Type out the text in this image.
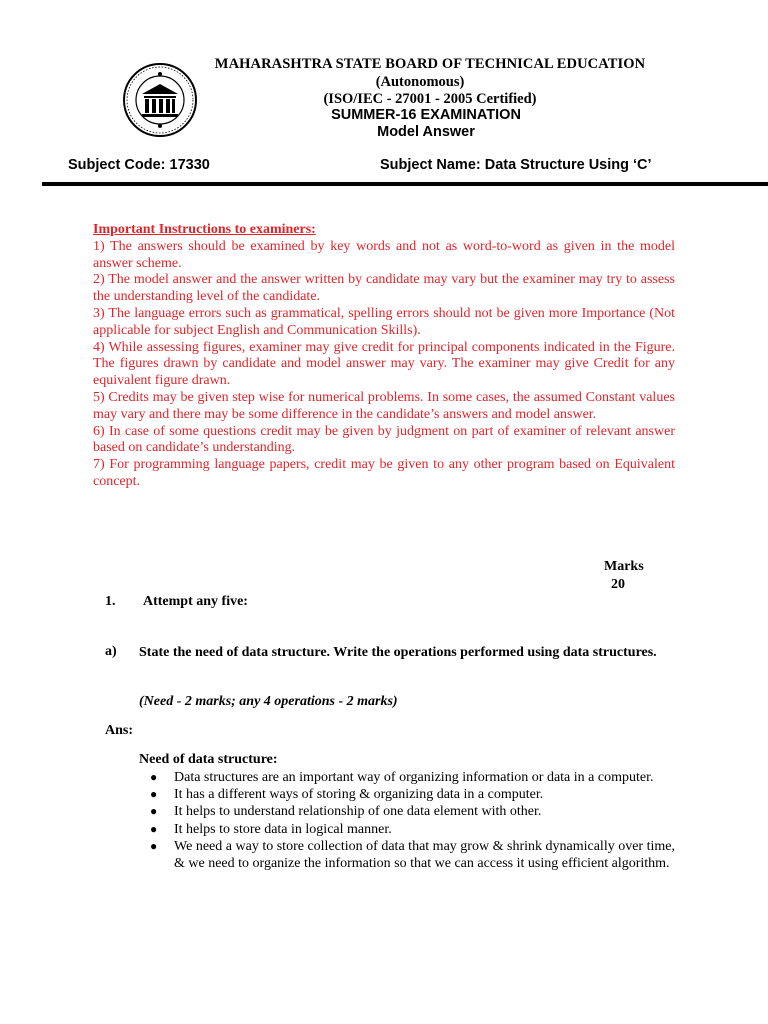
MAHARASHTRA STATE BOARD OF TECHNICAL EDUCATION
(Autonomous)
(ISO/IEC - 27001 - 2005 Certified)
SUMMER-16 EXAMINATION
Model Answer
Subject Code: 17330	Subject Name: Data Structure Using ‘C’

Important Instructions to examiners:

1) The answers should be examined by key words and not as word-to-word as given in the model answer scheme.

2) The model answer and the answer written by candidate may vary but the examiner may try to assess the understanding level of the candidate.

3) The language errors such as grammatical, spelling errors should not be given more Importance (Not applicable for subject English and Communication Skills).

4) While assessing figures, examiner may give credit for principal components indicated in the Figure. The figures drawn by candidate and model answer may vary. The examiner may give Credit for any equivalent figure drawn.

5) Credits may be given step wise for numerical problems. In some cases, the assumed Constant values may vary and there may be some difference in the candidate’s answers and model answer.

6) In case of some questions credit may be given by judgment on part of examiner of relevant answer based on candidate’s understanding.

7) For programming language papers, credit may be given to any other program based on Equivalent concept.

Marks
20
1. Attempt any five:
a) State the need of data structure. Write the operations performed using data structures.
(Need - 2 marks; any 4 operations - 2 marks)
Ans:
Need of data structure:
● Data structures are an important way of organizing information or data in a computer.
● It has a different ways of storing & organizing data in a computer.
● It helps to understand relationship of one data element with other.
● It helps to store data in logical manner.
● We need a way to store collection of data that may grow & shrink dynamically over time, & we need to organize the information so that we can access it using efficient algorithm.
